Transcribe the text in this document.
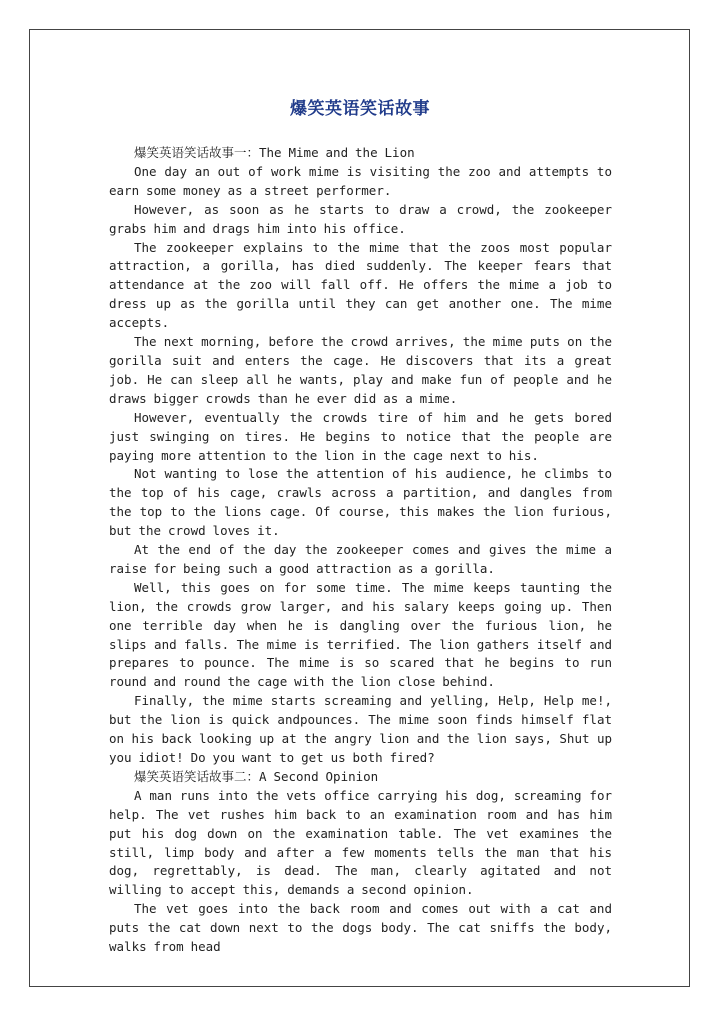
爆笑英语笑话故事

爆笑英语笑话故事一：The Mime and the Lion

One day an out of work mime is visiting the zoo and attempts to earn some money as a street performer.

However, as soon as he starts to draw a crowd, the zookeeper grabs him and drags him into his office.

The zookeeper explains to the mime that the zoos most popular attraction, a gorilla, has died suddenly. The keeper fears that attendance at the zoo will fall off. He offers the mime a job to dress up as the gorilla until they can get another one. The mime accepts.

The next morning, before the crowd arrives, the mime puts on the gorilla suit and enters the cage. He discovers that its a great job. He can sleep all he wants, play and make fun of people and he draws bigger crowds than he ever did as a mime.

However, eventually the crowds tire of him and he gets bored just swinging on tires. He begins to notice that the people are paying more attention to the lion in the cage next to his.

Not wanting to lose the attention of his audience, he climbs to the top of his cage, crawls across a partition, and dangles from the top to the lions cage. Of course, this makes the lion furious, but the crowd loves it.

At the end of the day the zookeeper comes and gives the mime a raise for being such a good attraction as a gorilla.

Well, this goes on for some time. The mime keeps taunting the lion, the crowds grow larger, and his salary keeps going up. Then one terrible day when he is dangling over the furious lion, he slips and falls. The mime is terrified. The lion gathers itself and prepares to pounce. The mime is so scared that he begins to run round and round the cage with the lion close behind.

Finally, the mime starts screaming and yelling, Help, Help me!, but the lion is quick andpounces. The mime soon finds himself flat on his back looking up at the angry lion and the lion says, Shut up you idiot! Do you want to get us both fired?

爆笑英语笑话故事二：A Second Opinion

A man runs into the vets office carrying his dog, screaming for help. The vet rushes him back to an examination room and has him put his dog down on the examination table. The vet examines the still, limp body and after a few moments tells the man that his dog, regrettably, is dead. The man, clearly agitated and not willing to accept this, demands a second opinion.

The vet goes into the back room and comes out with a cat and puts the cat down next to the dogs body. The cat sniffs the body, walks from head
